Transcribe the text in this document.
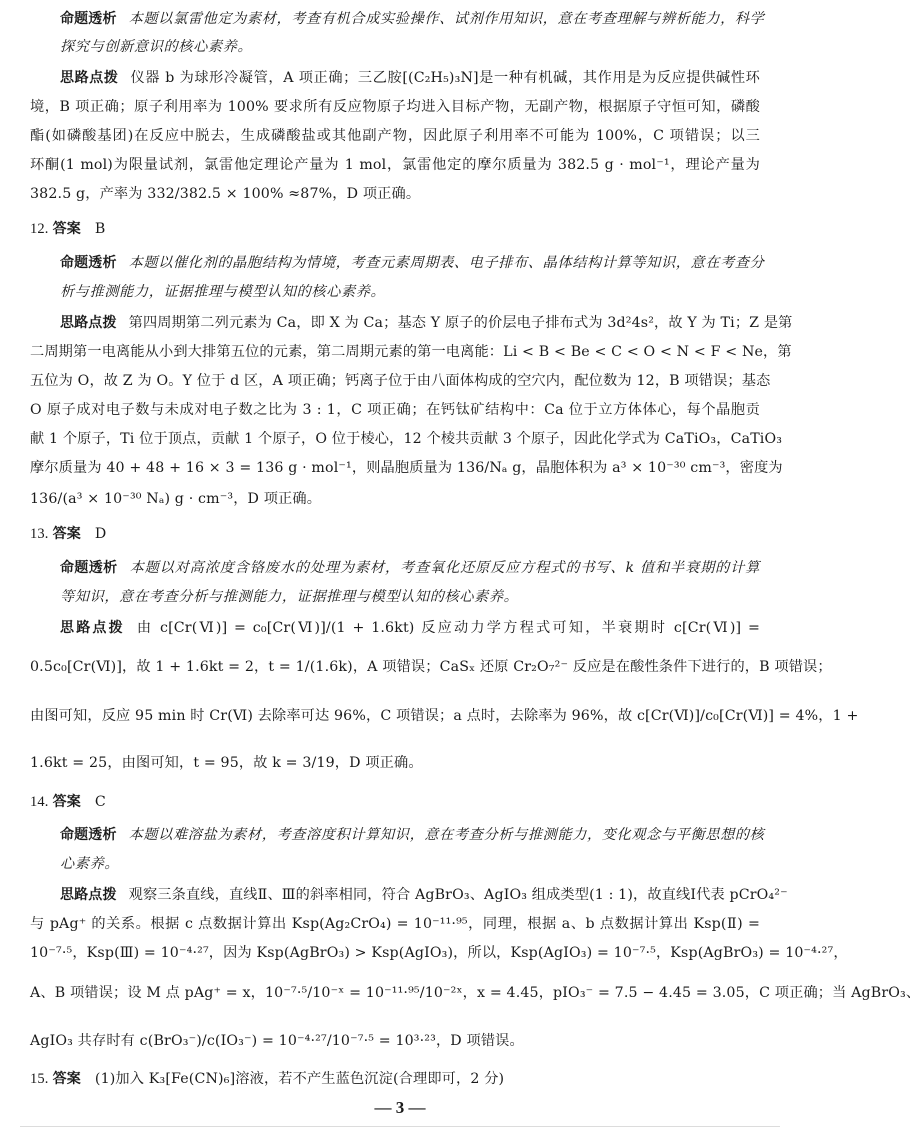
命题透析 本题以氯雷他定为素材，考查有机合成实验操作、试剂作用知识，意在考查理解与辨析能力，科学
探究与创新意识的核心素养。
思路点拨 仪器 b 为球形冷凝管，A 项正确；三乙胺[(C₂H₅)₃N]是一种有机碱，其作用是为反应提供碱性环
境，B 项正确；原子利用率为 100% 要求所有反应物原子均进入目标产物，无副产物，根据原子守恒可知，磷酸
酯(如磷酸基团)在反应中脱去，生成磷酸盐或其他副产物，因此原子利用率不可能为 100%，C 项错误；以三
环酮(1 mol)为限量试剂，氯雷他定理论产量为 1 mol，氯雷他定的摩尔质量为 382.5 g · mol⁻¹，理论产量为
382.5 g，产率为 332/382.5 × 100% ≈87%，D 项正确。
12. 答案 B
命题透析 本题以催化剂的晶胞结构为情境，考查元素周期表、电子排布、晶体结构计算等知识，意在考查分
析与推测能力，证据推理与模型认知的核心素养。
思路点拨 第四周期第二列元素为 Ca，即 X 为 Ca；基态 Y 原子的价层电子排布式为 3d²4s²，故 Y 为 Ti；Z 是第
二周期第一电离能从小到大排第五位的元素，第二周期元素的第一电离能：Li < B < Be < C < O < N < F < Ne，第
五位为 O，故 Z 为 O。Y 位于 d 区，A 项正确；钙离子位于由八面体构成的空穴内，配位数为 12，B 项错误；基态
O 原子成对电子数与未成对电子数之比为 3 : 1，C 项正确；在钙钛矿结构中：Ca 位于立方体体心，每个晶胞贡
献 1 个原子，Ti 位于顶点，贡献 1 个原子，O 位于棱心，12 个棱共贡献 3 个原子，因此化学式为 CaTiO₃，CaTiO₃
摩尔质量为 40 + 48 + 16 × 3 = 136 g · mol⁻¹，则晶胞质量为 136/Nₐ g，晶胞体积为 a³ × 10⁻³⁰ cm⁻³，密度为
136/(a³ × 10⁻³⁰ Nₐ) g · cm⁻³，D 项正确。
13. 答案 D
命题透析 本题以对高浓度含铬废水的处理为素材，考查氧化还原反应方程式的书写、k 值和半衰期的计算
等知识，意在考查分析与推测能力，证据推理与模型认知的核心素养。
思路点拨 由 c[Cr(Ⅵ)] = c₀[Cr(Ⅵ)]/(1 + 1.6kt) 反应动力学方程式可知，半衰期时 c[Cr(Ⅵ)] =
0.5c₀[Cr(Ⅵ)]，故 1 + 1.6kt = 2，t = 1/(1.6k)，A 项错误；CaSₓ 还原 Cr₂O₇²⁻ 反应是在酸性条件下进行的，B 项错误；
由图可知，反应 95 min 时 Cr(Ⅵ) 去除率可达 96%，C 项错误；a 点时，去除率为 96%，故 c[Cr(Ⅵ)]/c₀[Cr(Ⅵ)] = 4%，1 +
1.6kt = 25，由图可知，t = 95，故 k = 3/19，D 项正确。
14. 答案 C
命题透析 本题以难溶盐为素材，考查溶度积计算知识，意在考查分析与推测能力，变化观念与平衡思想的核
心素养。
思路点拨 观察三条直线，直线Ⅱ、Ⅲ的斜率相同，符合 AgBrO₃、AgIO₃ 组成类型(1 : 1)，故直线Ⅰ代表 pCrO₄²⁻
与 pAg⁺ 的关系。根据 c 点数据计算出 Ksp(Ag₂CrO₄) = 10⁻¹¹·⁹⁵，同理，根据 a、b 点数据计算出 Ksp(Ⅱ) =
10⁻⁷·⁵，Ksp(Ⅲ) = 10⁻⁴·²⁷，因为 Ksp(AgBrO₃) > Ksp(AgIO₃)，所以，Ksp(AgIO₃) = 10⁻⁷·⁵，Ksp(AgBrO₃) = 10⁻⁴·²⁷，
A、B 项错误；设 M 点 pAg⁺ = x，10⁻⁷·⁵/10⁻ˣ = 10⁻¹¹·⁹⁵/10⁻²ˣ，x = 4.45，pIO₃⁻ = 7.5 − 4.45 = 3.05，C 项正确；当 AgBrO₃、
AgIO₃ 共存时有 c(BrO₃⁻)/c(IO₃⁻) = 10⁻⁴·²⁷/10⁻⁷·⁵ = 10³·²³，D 项错误。
15. 答案 (1)加入 K₃[Fe(CN)₆]溶液，若不产生蓝色沉淀(合理即可，2 分)
— 3 —
